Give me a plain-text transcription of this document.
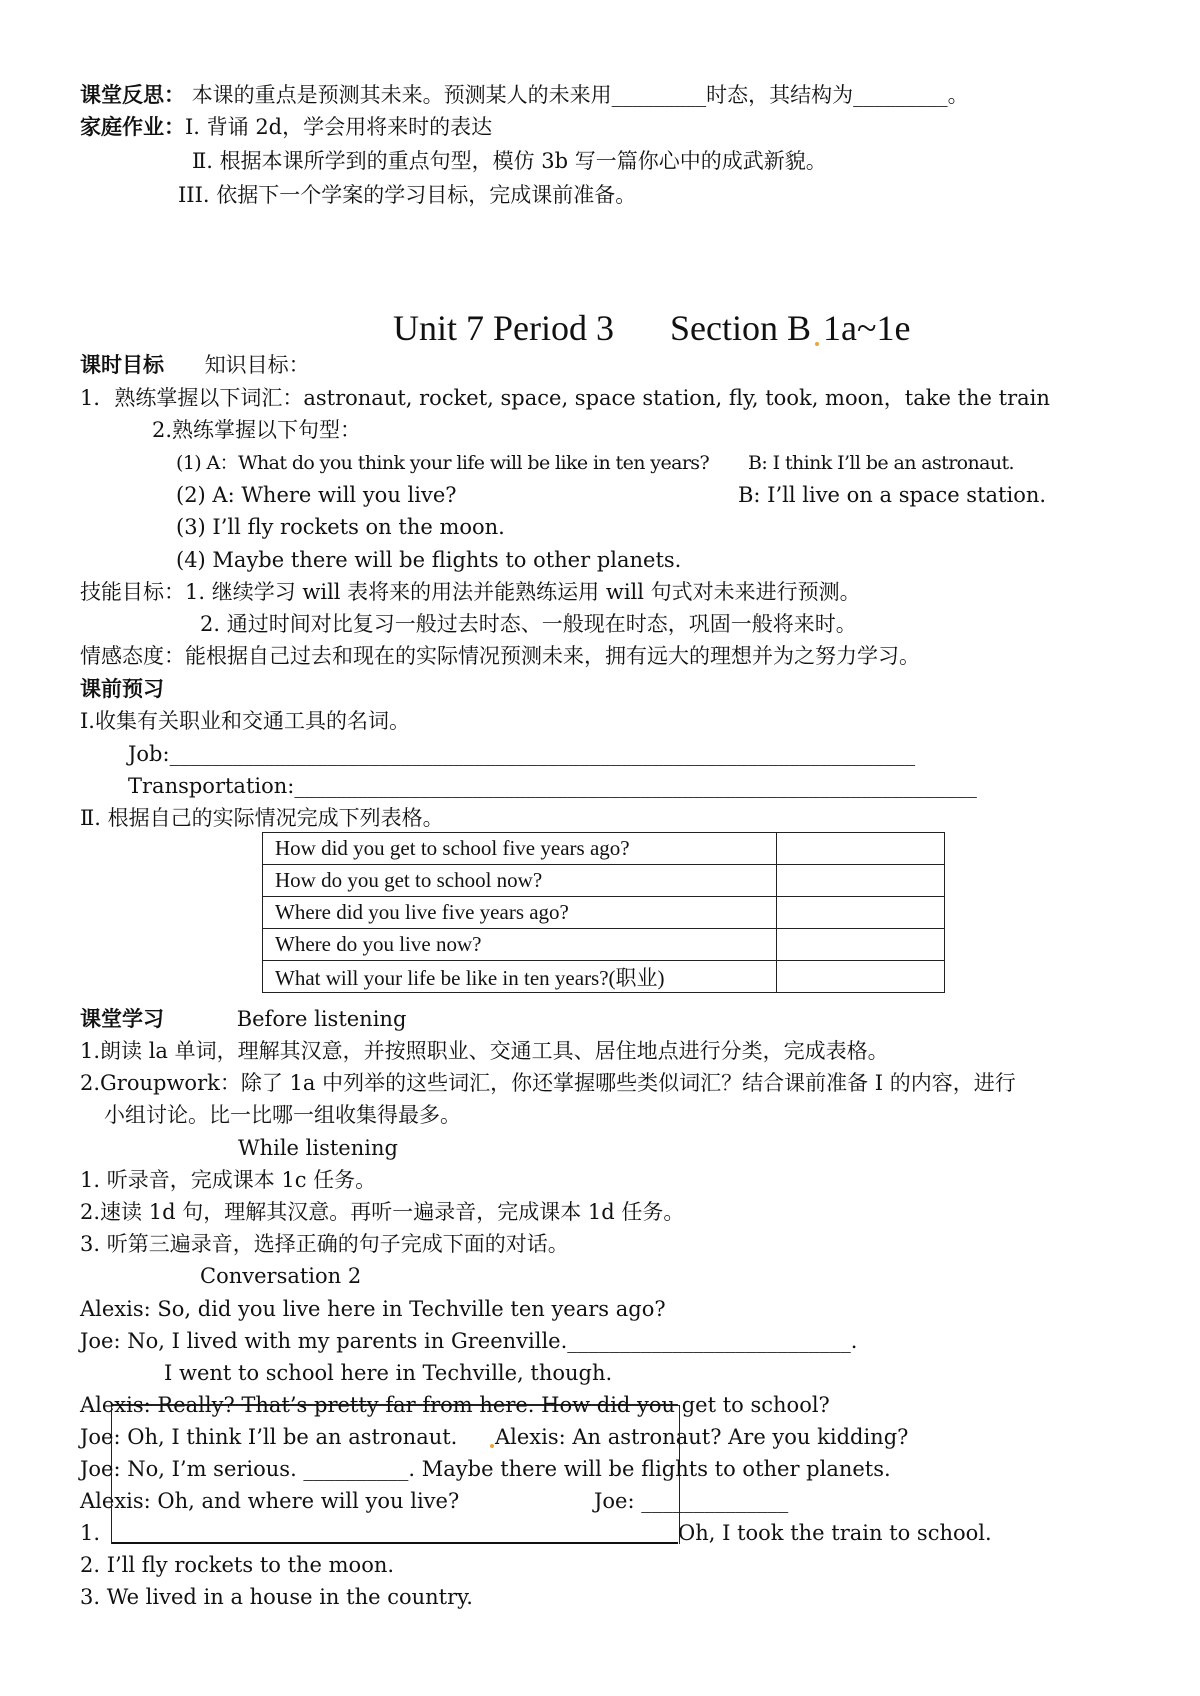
课堂反思： 本课的重点是预测其未来。预测某人的未来用_________时态，其结构为_________。
家庭作业：Ⅰ. 背诵 2d，学会用将来时的表达
Ⅱ. 根据本课所学到的重点句型，模仿 3b 写一篇你心中的成武新貌。
III. 依据下一个学案的学习目标，完成课前准备。
Unit 7 Period 3 Section B 1a~1e
课时目标 知识目标：
1．熟练掌握以下词汇：astronaut, rocket, space, space station, fly, took, moon，take the train
2.熟练掌握以下句型：
(1) A：What do you think your life will be like in ten years? B: I think I’ll be an astronaut.
(2) A: Where will you live?	B: I’ll live on a space station.
(3) I’ll fly rockets on the moon.
(4) Maybe there will be flights to other planets.
技能目标：1. 继续学习 will 表将来的用法并能熟练运用 will 句式对未来进行预测。
2. 通过时间对比复习一般过去时态、一般现在时态，巩固一般将来时。
情感态度：能根据自己过去和现在的实际情况预测未来，拥有远大的理想并为之努力学习。
课前预习
I.收集有关职业和交通工具的名词。
Job:_______________________________________________________________________
Transportation:_________________________________________________________________
Ⅱ. 根据自己的实际情况完成下列表格。
How did you get to school five years ago?	
How do you get to school now?	
Where did you live five years ago?	
Where do you live now?	
What will your life be like in ten years?(职业)	
课堂学习	Before listening
1.朗读 la 单词，理解其汉意，并按照职业、交通工具、居住地点进行分类，完成表格。
2.Groupwork：除了 1a 中列举的这些词汇，你还掌握哪些类似词汇？结合课前准备 I 的内容，进行
小组讨论。比一比哪一组收集得最多。
While listening
1. 听录音，完成课本 1c 任务。
2.速读 1d 句，理解其汉意。再听一遍录音，完成课本 1d 任务。
3. 听第三遍录音，选择正确的句子完成下面的对话。
Conversation 2
Alexis: So, did you live here in Techville ten years ago?
Joe: No, I lived with my parents in Greenville.___________________________.
I went to school here in Techville, though.
Alexis: Really? That’s pretty far from here. How did you get to school?
Joe: Oh, I think I’ll be an astronaut. Alexis: An astronaut? Are you kidding?
Joe: No, I’m serious. __________. Maybe there will be flights to other planets.
Alexis: Oh, and where will you live?	Joe: ______________
1.	Oh, I took the train to school.
2. I’ll fly rockets to the moon.
3. We lived in a house in the country.
